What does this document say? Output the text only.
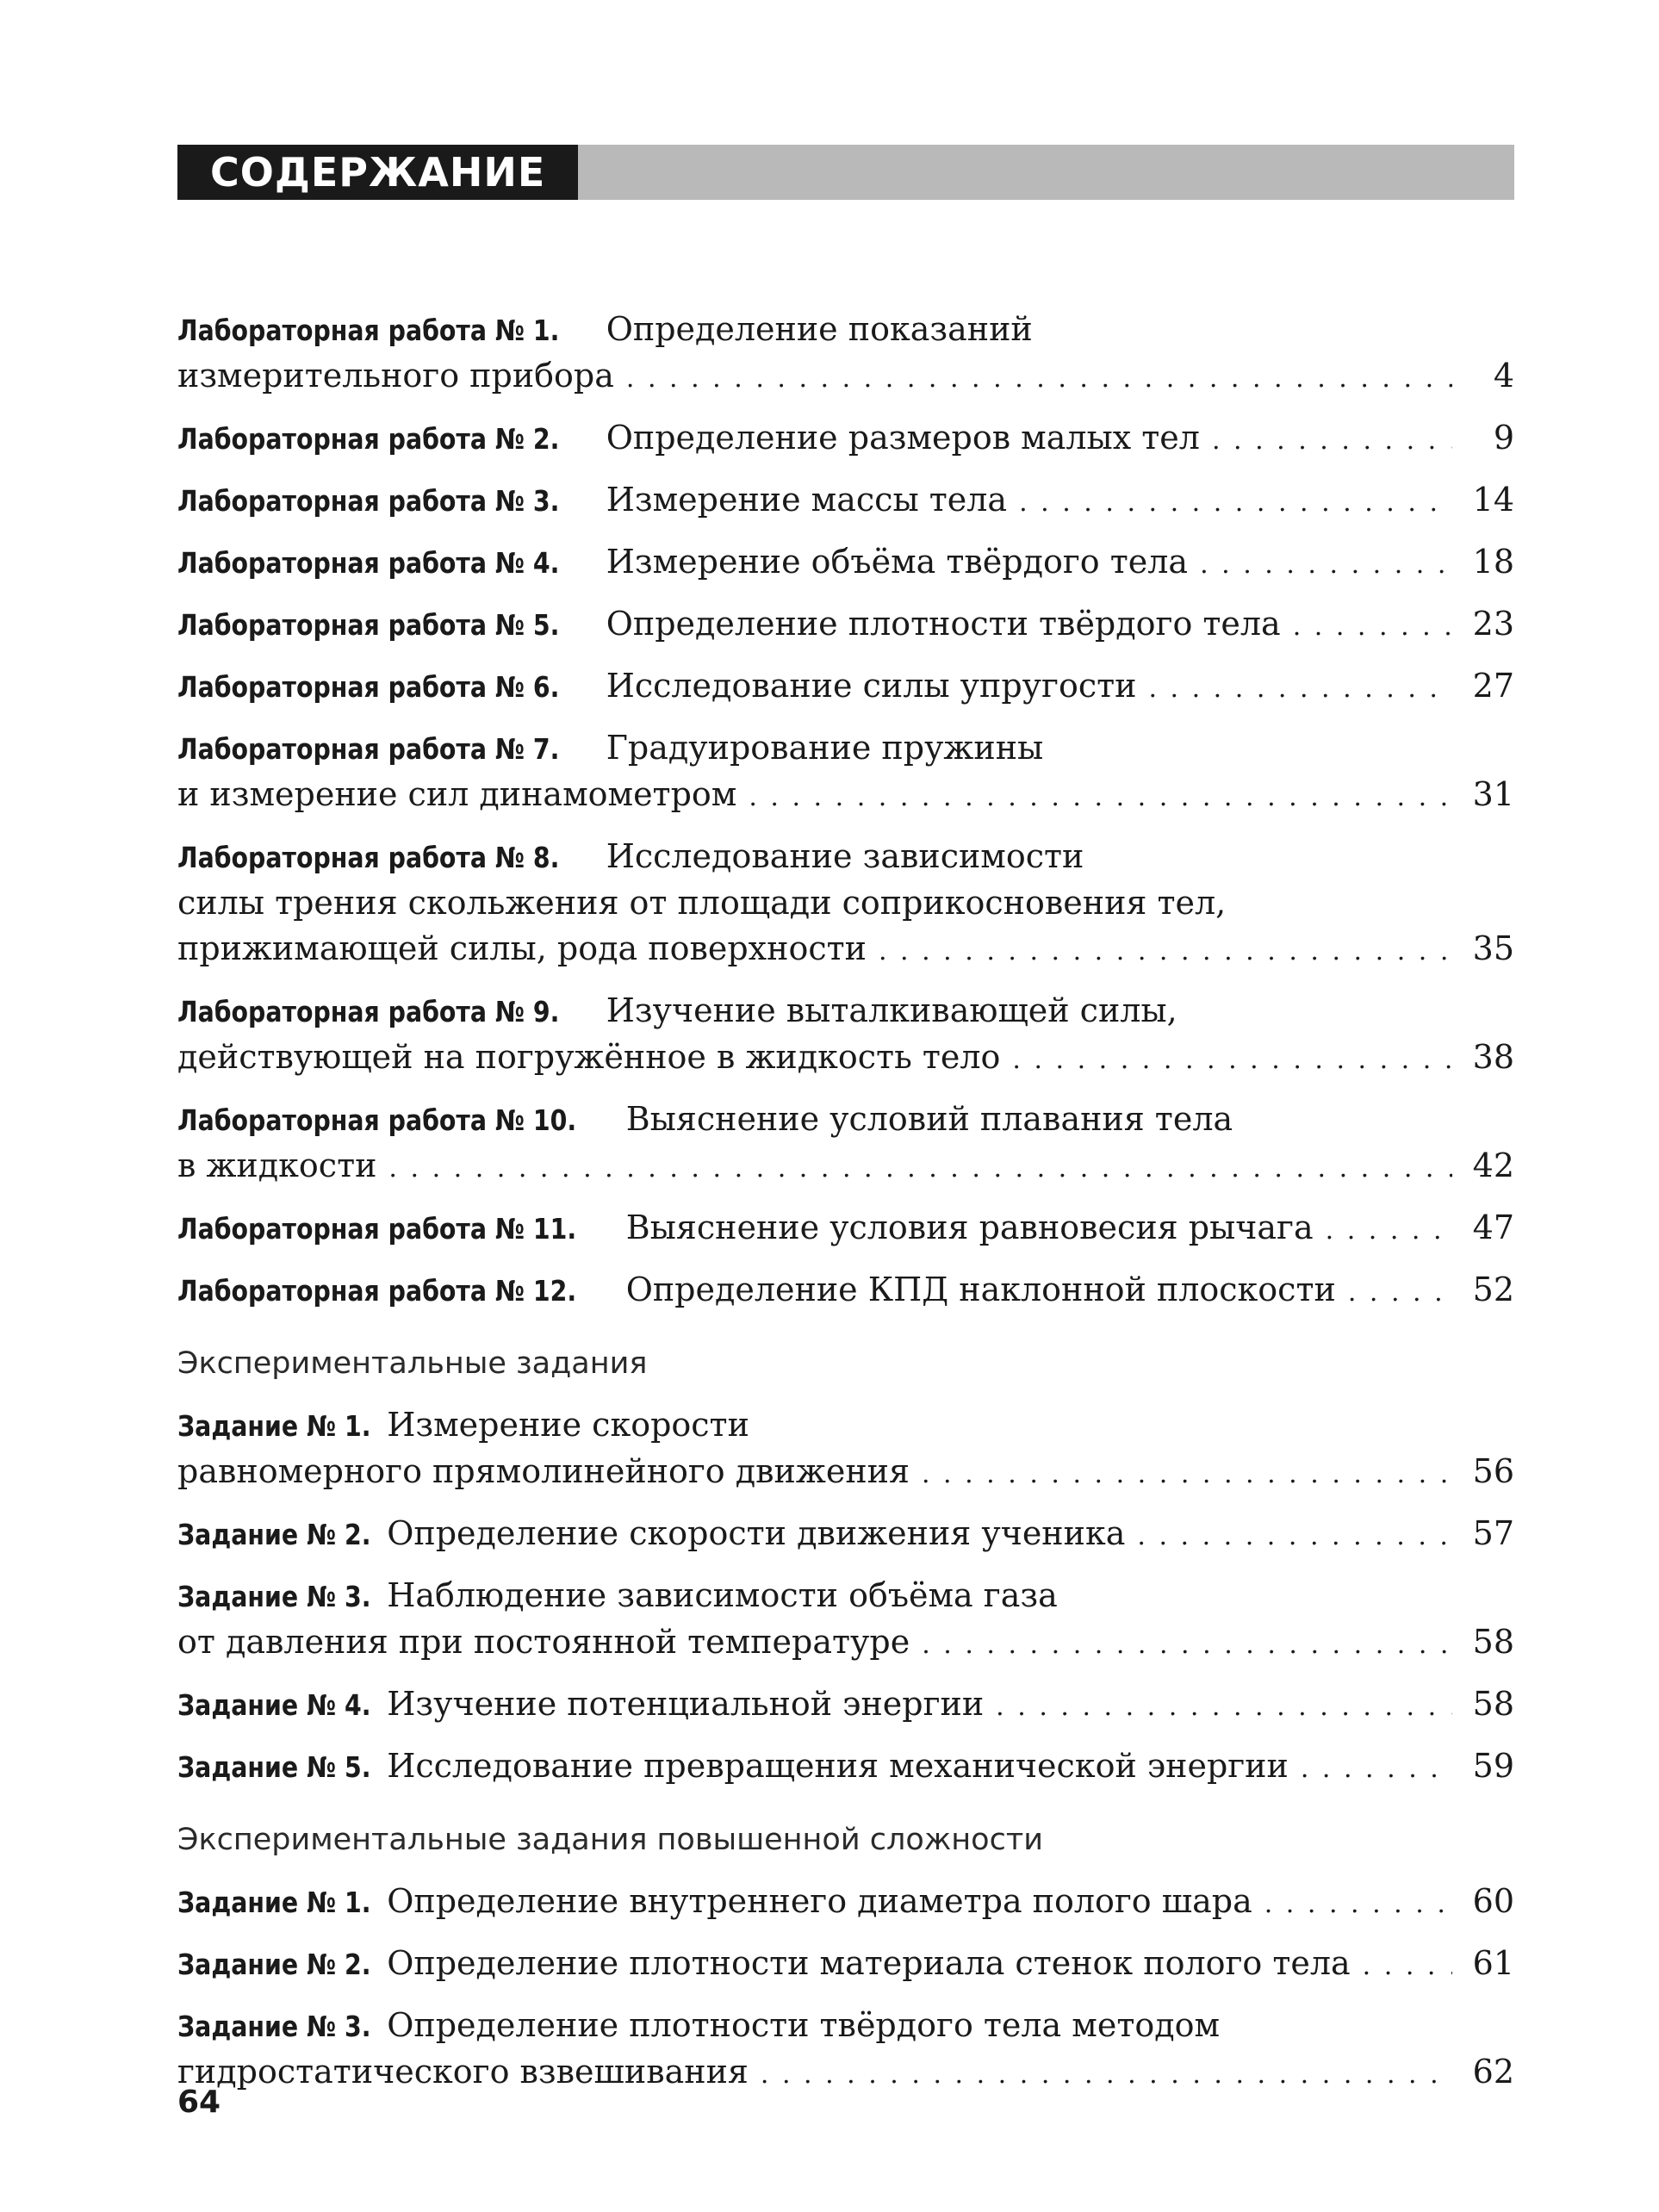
СОДЕРЖАНИЕ
Лабораторная работа № 1.
Определение показаний
измерительного прибора . . .	4
Лабораторная работа № 2.
Определение размеров малых тел . . .	9
Лабораторная работа № 3.
Измерение массы тела . . .	14
Лабораторная работа № 4.
Измерение объёма твёрдого тела . . .	18
Лабораторная работа № 5.
Определение плотности твёрдого тела . . .	23
Лабораторная работа № 6.
Исследование силы упругости . . .	27
Лабораторная работа № 7.
Градуирование пружины
и измерение сил динамометром . . .	31
Лабораторная работа № 8.
Исследование зависимости
силы трения скольжения от площади соприкосновения тел,
прижимающей силы, рода поверхности . . .	35
Лабораторная работа № 9.
Изучение выталкивающей силы,
действующей на погружённое в жидкость тело . . .	38
Лабораторная работа № 10.
Выяснение условий плавания тела
в жидкости . . .	42
Лабораторная работа № 11.
Выяснение условия равновесия рычага . . .	47
Лабораторная работа № 12.
Определение КПД наклонной плоскости . . .	52
Экспериментальные задания
Задание № 1.
Измерение скорости
равномерного прямолинейного движения . . .	56
Задание № 2.
Определение скорости движения ученика . . .	57
Задание № 3.
Наблюдение зависимости объёма газа
от давления при постоянной температуре . . .	58
Задание № 4.
Изучение потенциальной энергии . . .	58
Задание № 5.
Исследование превращения механической энергии . . .	59
Экспериментальные задания повышенной сложности
Задание № 1.
Определение внутреннего диаметра полого шара . . .	60
Задание № 2.
Определение плотности материала стенок полого тела . . .	61
Задание № 3.
Определение плотности твёрдого тела методом
гидростатического взвешивания . . .	62
64
